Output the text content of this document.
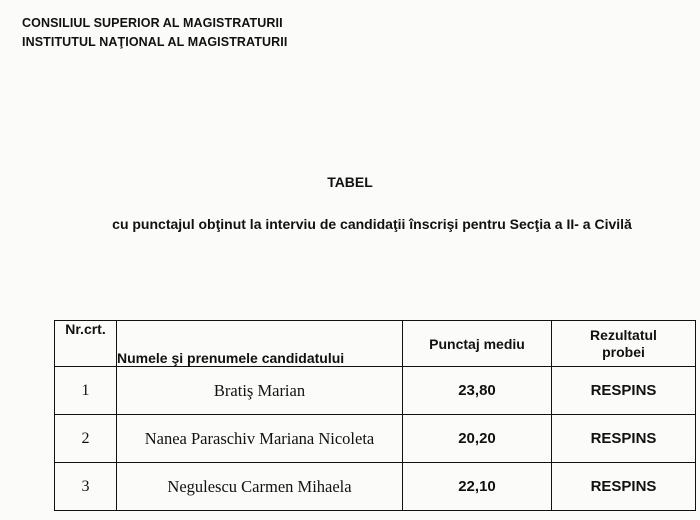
CONSILIUL SUPERIOR AL MAGISTRATURII
INSTITUTUL NAŢIONAL AL MAGISTRATURII
TABEL
cu punctajul obţinut la interviu de candidaţii înscrişi pentru Secţia a II- a Civilă
Nr.crt.	Numele şi prenumele candidatului	Punctaj mediu	Rezultatul
probei

1	Bratiş Marian	23,80	RESPINS
2	Nanea Paraschiv Mariana Nicoleta	20,20	RESPINS
3	Negulescu Carmen Mihaela	22,10	RESPINS
